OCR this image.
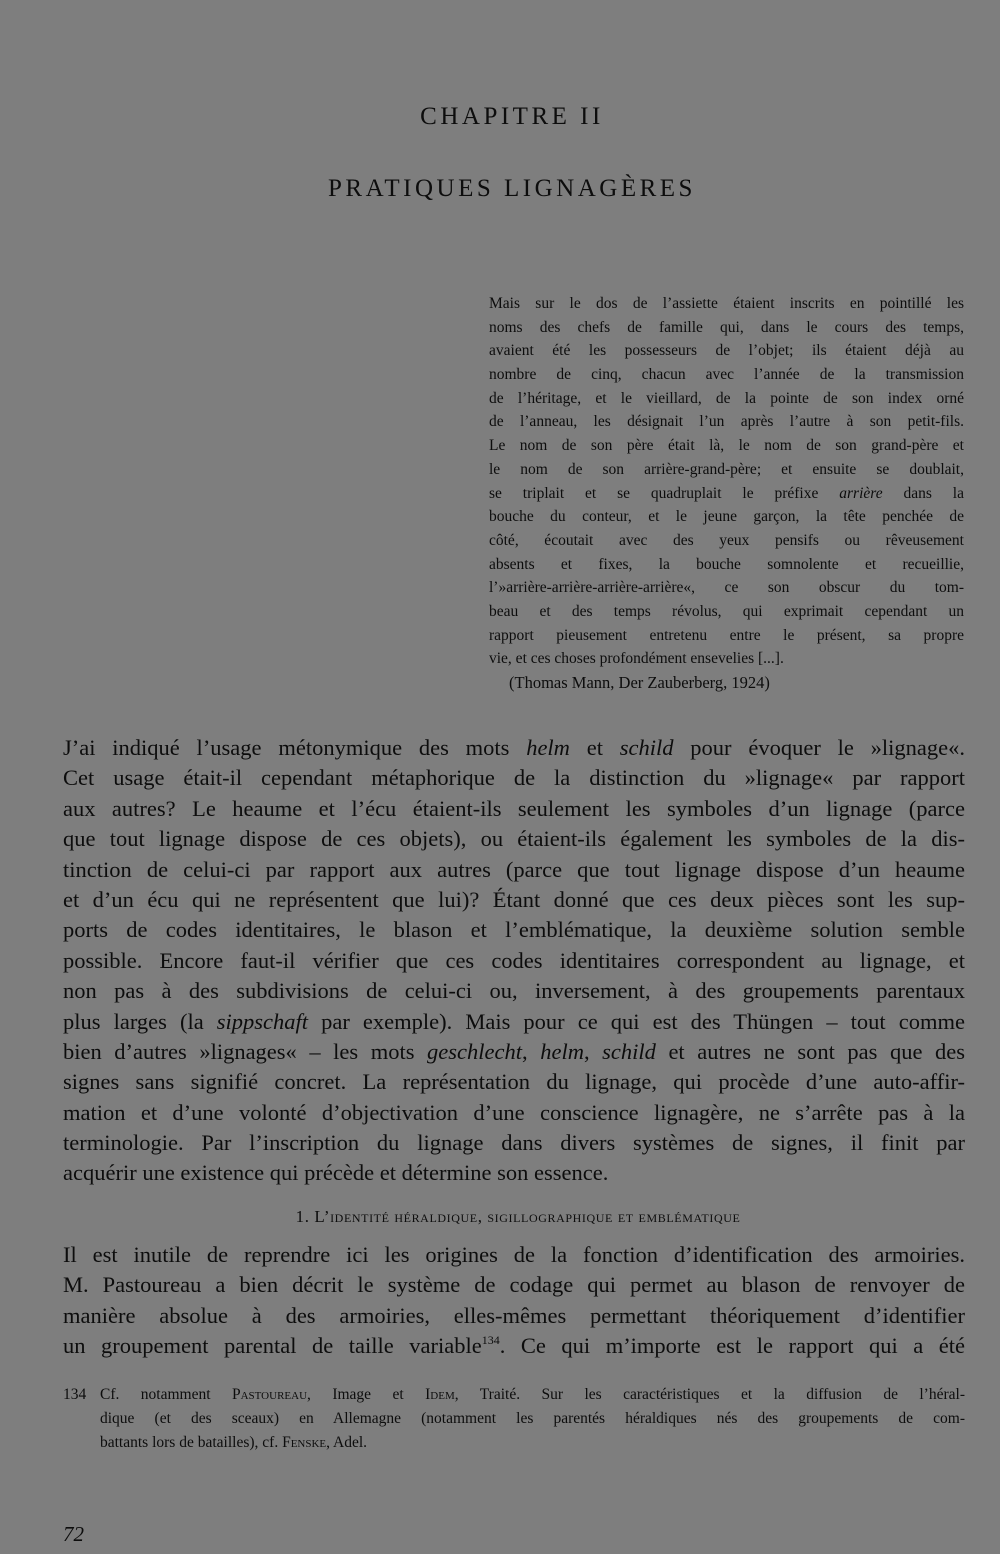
CHAPITRE II
PRATIQUES LIGNAGÈRES
Mais sur le dos de l’assiette étaient inscrits en pointillé les
noms des chefs de famille qui, dans le cours des temps,
avaient été les possesseurs de l’objet; ils étaient déjà au
nombre de cinq, chacun avec l’année de la transmission
de l’héritage, et le vieillard, de la pointe de son index orné
de l’anneau, les désignait l’un après l’autre à son petit-fils.
Le nom de son père était là, le nom de son grand-père et
le nom de son arrière-grand-père; et ensuite se doublait,
se triplait et se quadruplait le préfixe arrière dans la
bouche du conteur, et le jeune garçon, la tête penchée de
côté, écoutait avec des yeux pensifs ou rêveusement
absents et fixes, la bouche somnolente et recueillie,
l’»arrière-arrière-arrière-arrière«, ce son obscur du tom-
beau et des temps révolus, qui exprimait cependant un
rapport pieusement entretenu entre le présent, sa propre
vie, et ces choses profondément ensevelies [...].
(Thomas Mann, Der Zauberberg, 1924)
J’ai indiqué l’usage métonymique des mots helm et schild pour évoquer le »lignage«.
Cet usage était-il cependant métaphorique de la distinction du »lignage« par rapport
aux autres? Le heaume et l’écu étaient-ils seulement les symboles d’un lignage (parce
que tout lignage dispose de ces objets), ou étaient-ils également les symboles de la dis-
tinction de celui-ci par rapport aux autres (parce que tout lignage dispose d’un heaume
et d’un écu qui ne représentent que lui)? Étant donné que ces deux pièces sont les sup-
ports de codes identitaires, le blason et l’emblématique, la deuxième solution semble
possible. Encore faut-il vérifier que ces codes identitaires correspondent au lignage, et
non pas à des subdivisions de celui-ci ou, inversement, à des groupements parentaux
plus larges (la sippschaft par exemple). Mais pour ce qui est des Thüngen – tout comme
bien d’autres »lignages« – les mots geschlecht, helm, schild et autres ne sont pas que des
signes sans signifié concret. La représentation du lignage, qui procède d’une auto-affir-
mation et d’une volonté d’objectivation d’une conscience lignagère, ne s’arrête pas à la
terminologie. Par l’inscription du lignage dans divers systèmes de signes, il finit par
acquérir une existence qui précède et détermine son essence.
1. L’identité héraldique, sigillographique et emblématique
Il est inutile de reprendre ici les origines de la fonction d’identification des armoiries.
M. Pastoureau a bien décrit le système de codage qui permet au blason de renvoyer de
manière absolue à des armoiries, elles-mêmes permettant théoriquement d’identifier
un groupement parental de taille variable$^{134}$. Ce qui m’importe est le rapport qui a été
134 Cf. notamment Pastoureau, Image et Idem, Traité. Sur les caractéristiques et la diffusion de l’héral-
dique (et des sceaux) en Allemagne (notamment les parentés héraldiques nés des groupements de com-
battants lors de batailles), cf. Fenske, Adel.
72
